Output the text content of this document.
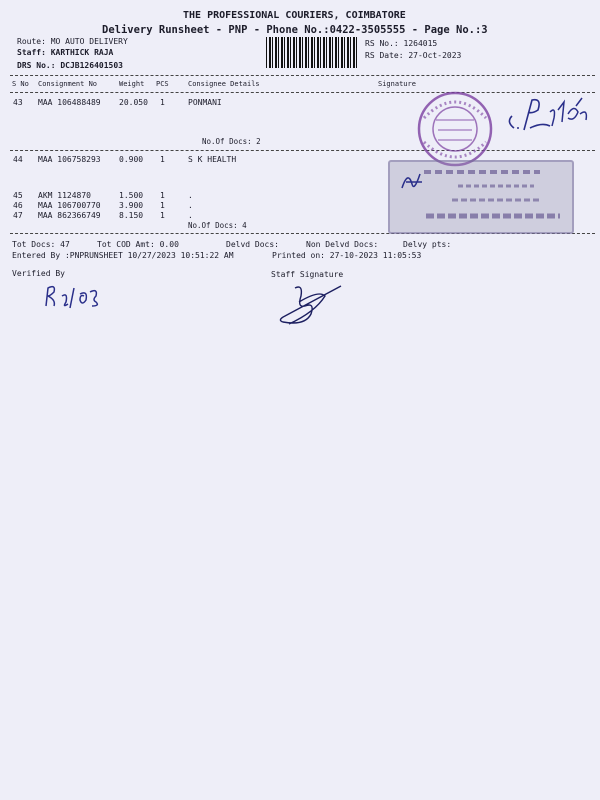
THE PROFESSIONAL COURIERS, COIMBATORE
Delivery Runsheet - PNP - Phone No.:0422-3505555 - Page No.:3
Route: MO AUTO DELIVERY
Staff: KARTHICK RAJA
DRS No.: DCJB126401503
RS No.: 1264015
RS Date: 27-Oct-2023
S No Consignment No	Weight PCS	Consignee Details	Signature
43 MAA 106488489 20.050 1	PONMANI
No.Of Docs: 2
44 MAA 106758293 0.900 1	S K HEALTH
45 AKM 1124870	1.500 1	.
46 MAA 106700770 3.900 1	.
47 MAA 862366749 8.150 1	.
No.Of Docs: 4
Tot Docs: 47	Tot COD Amt: 0.00	Delvd Docs:	Non Delvd Docs:	Delvy pts:
Entered By :PNPRUNSHEET 10/27/2023 10:51:22 AM	Printed on: 27-10-2023 11:05:53
Verified By	Staff Signature
